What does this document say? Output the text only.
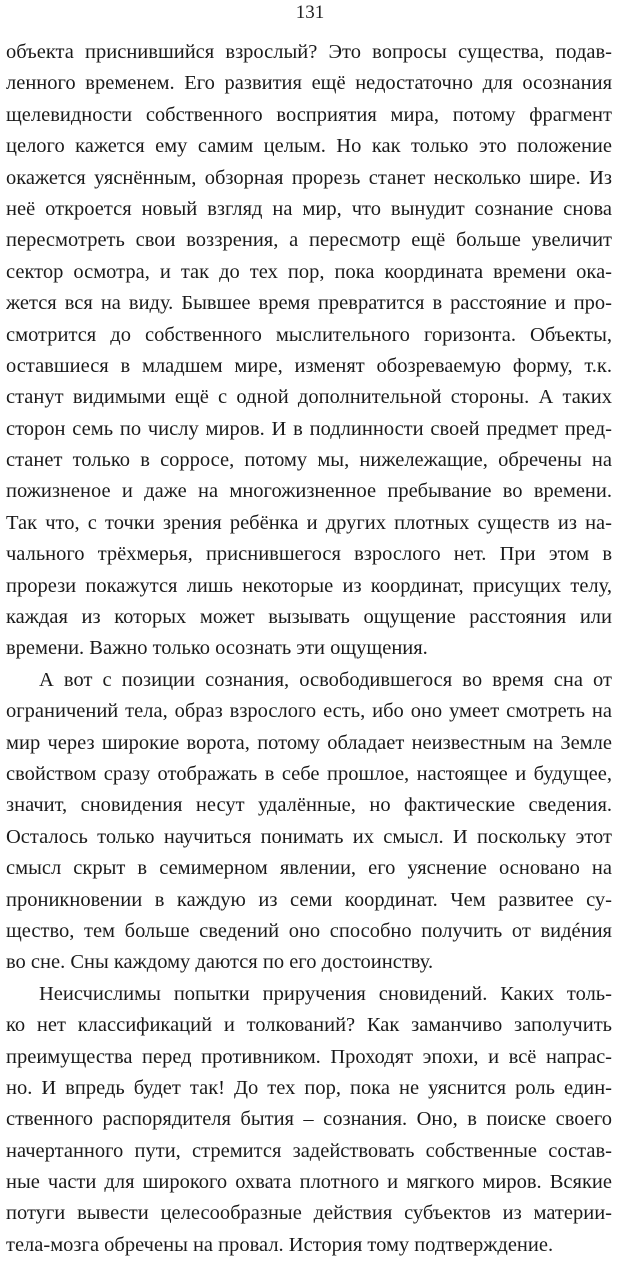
131
объекта приснившийся взрослый? Это вопросы существа, подав-
ленного временем. Его развития ещё недостаточно для осознания
щелевидности собственного восприятия мира, потому фрагмент
целого кажется ему самим целым. Но как только это положение
окажется уяснённым, обзорная прорезь станет несколько шире. Из
неё откроется новый взгляд на мир, что вынудит сознание снова
пересмотреть свои воззрения, а пересмотр ещё больше увеличит
сектор осмотра, и так до тех пор, пока координата времени ока-
жется вся на виду. Бывшее время превратится в расстояние и про-
смотрится до собственного мыслительного горизонта. Объекты,
оставшиеся в младшем мире, изменят обозреваемую форму, т.к.
станут видимыми ещё с одной дополнительной стороны. А таких
сторон семь по числу миров. И в подлинности своей предмет пред-
станет только в сорросе, потому мы, нижележащие, обречены на
пожизненое и даже на многожизненное пребывание во времени.
Так что, с точки зрения ребёнка и других плотных существ из на-
чального трёхмерья, приснившегося взрослого нет. При этом в
прорези покажутся лишь некоторые из координат, присущих телу,
каждая из которых может вызывать ощущение расстояния или
времени. Важно только осознать эти ощущения.
А вот с позиции сознания, освободившегося во время сна от
ограничений тела, образ взрослого есть, ибо оно умеет смотреть на
мир через широкие ворота, потому обладает неизвестным на Земле
свойством сразу отображать в себе прошлое, настоящее и будущее,
значит, сновидения несут удалённые, но фактические сведения.
Осталось только научиться понимать их смысл. И поскольку этот
смысл скрыт в семимерном явлении, его уяснение основано на
проникновении в каждую из семи координат. Чем развитее су-
щество, тем больше сведений оно способно получить от видéния
во сне. Сны каждому даются по его достоинству.
Неисчислимы попытки приручения сновидений. Каких толь-
ко нет классификаций и толкований? Как заманчиво заполучить
преимущества перед противником. Проходят эпохи, и всё напрас-
но. И впредь будет так! До тех пор, пока не уяснится роль един-
ственного распорядителя бытия – сознания. Оно, в поиске своего
начертанного пути, стремится задействовать собственные состав-
ные части для широкого охвата плотного и мягкого миров. Всякие
потуги вывести целесообразные действия субъектов из материи-
тела-мозга обречены на провал. История тому подтверждение.
